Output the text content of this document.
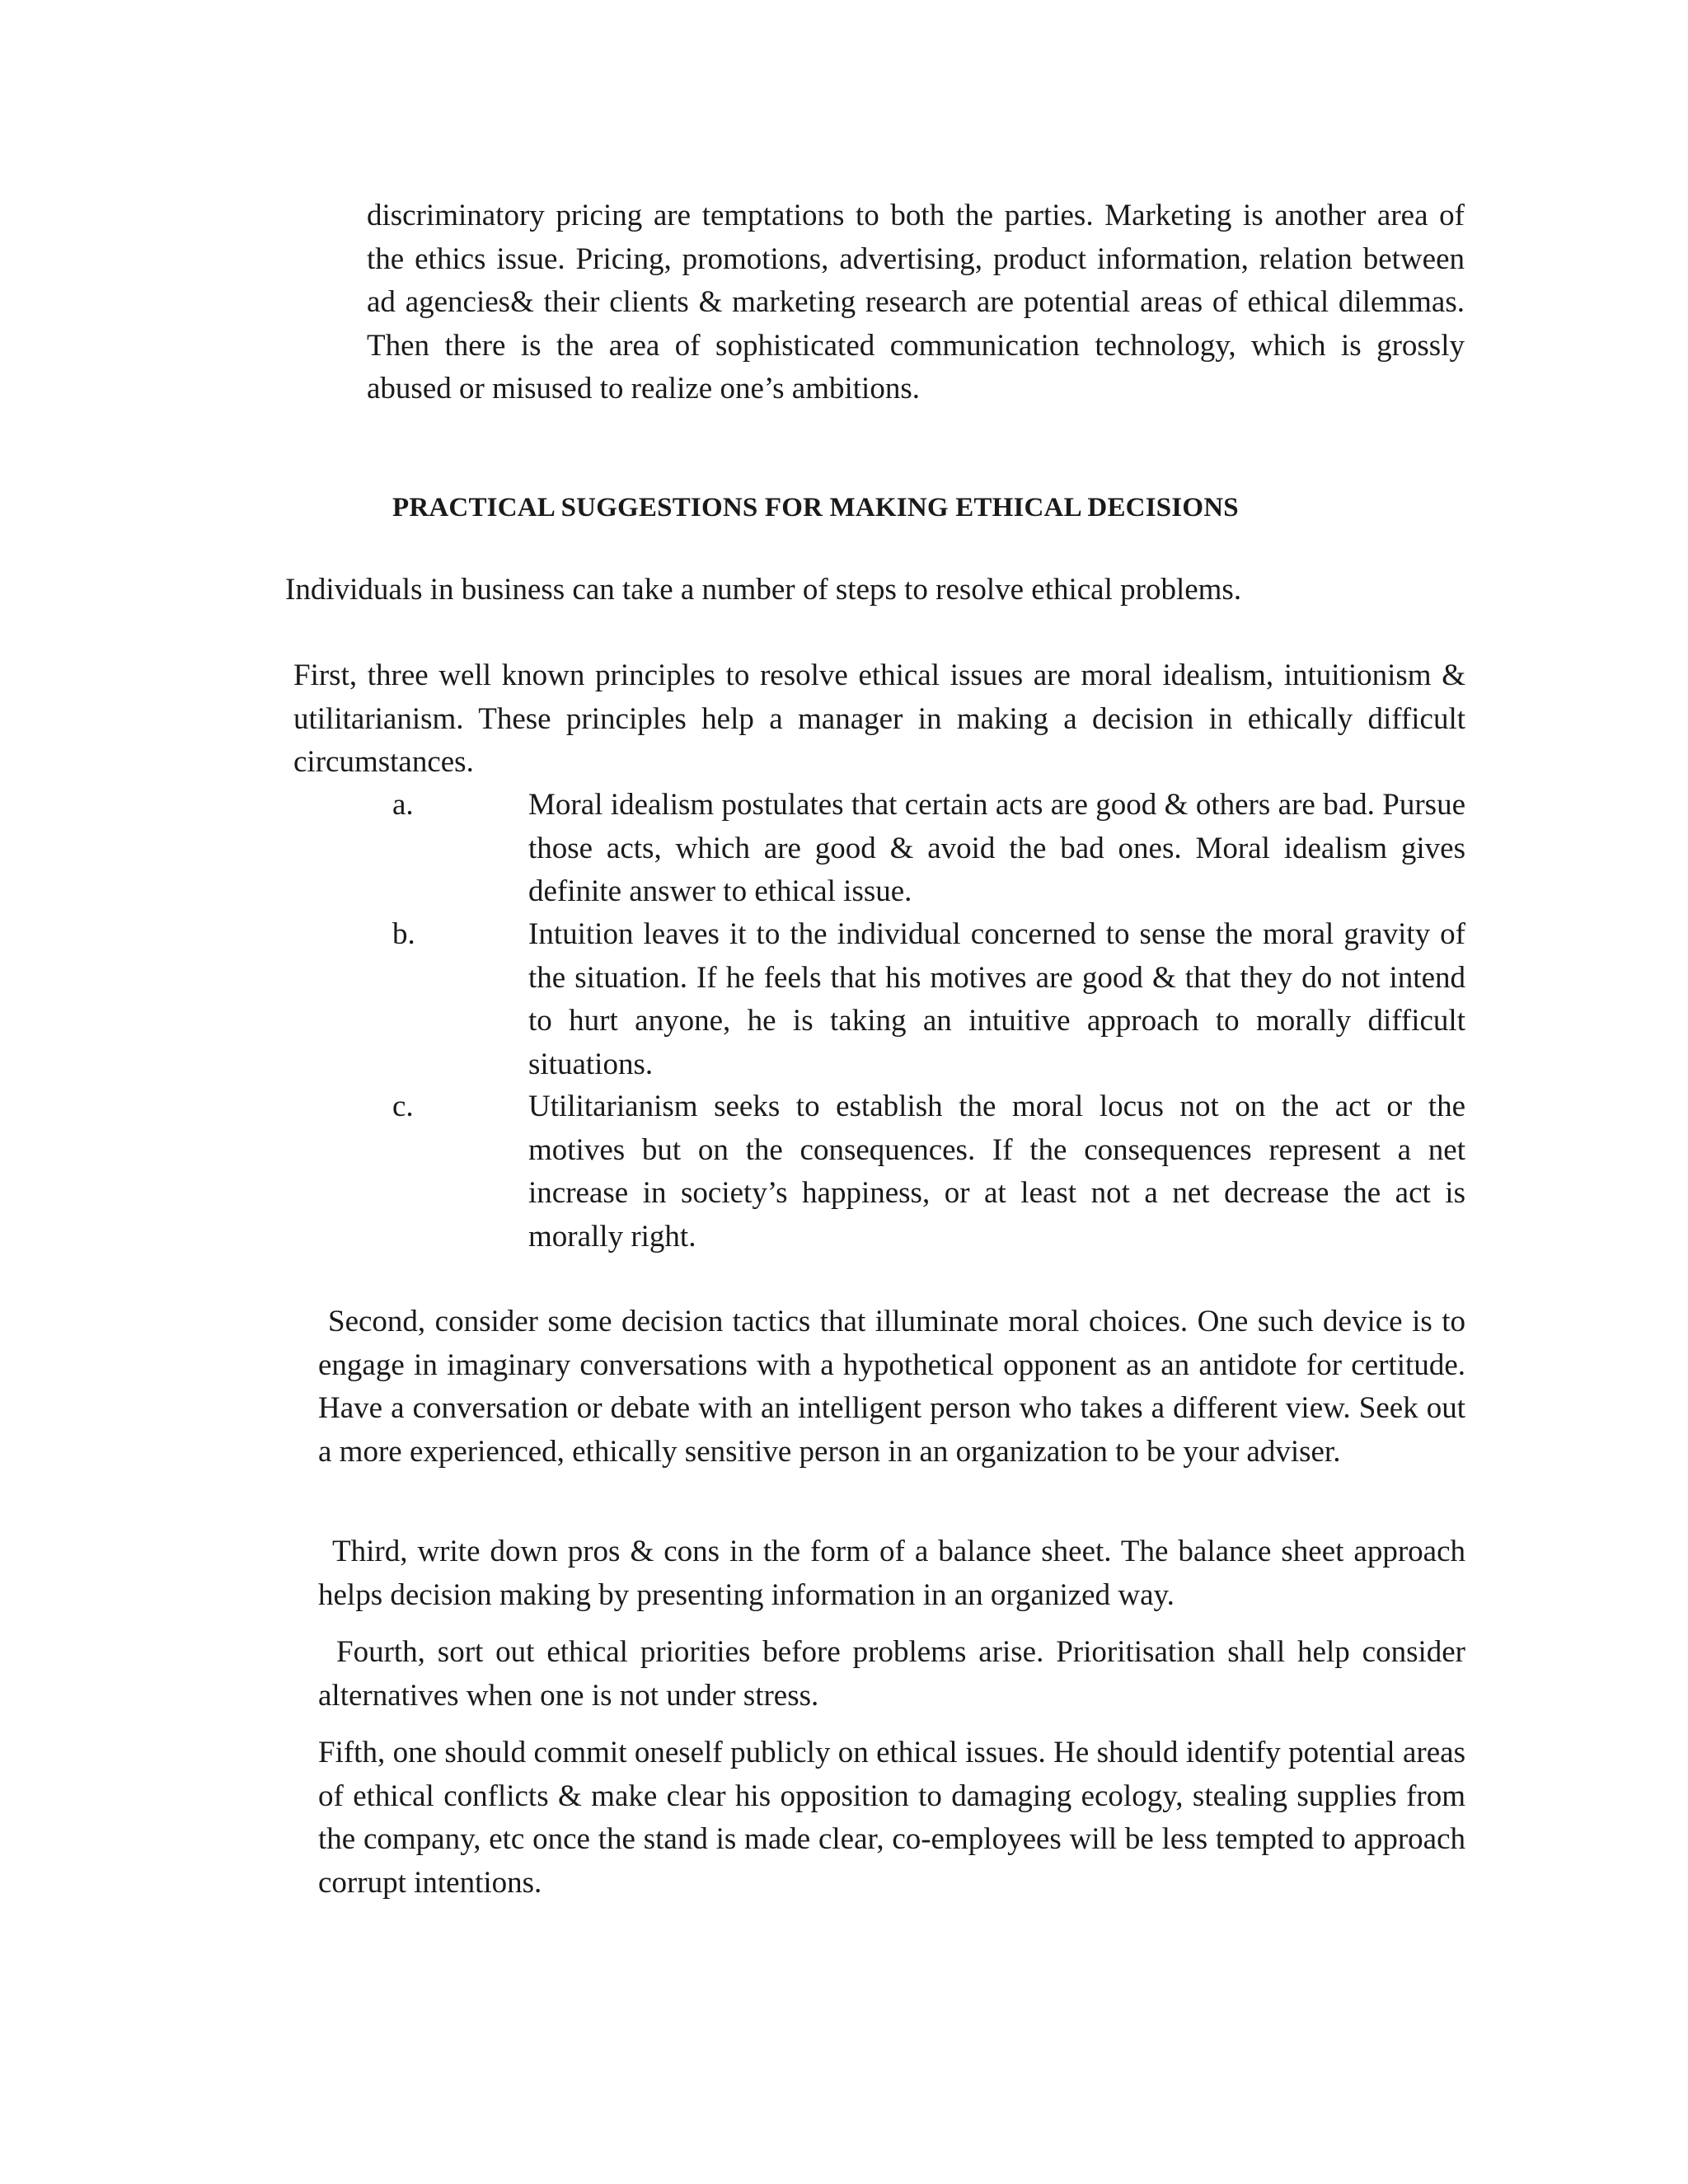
discriminatory pricing are temptations to both the parties. Marketing is another area of the ethics issue. Pricing, promotions, advertising, product information, relation between ad agencies& their clients & marketing research are potential areas of ethical dilemmas. Then there is the area of sophisticated communication technology, which is grossly abused or misused to realize one’s ambitions.

PRACTICAL SUGGESTIONS FOR MAKING ETHICAL DECISIONS

Individuals in business can take a number of steps to resolve ethical problems.

First, three well known principles to resolve ethical issues are moral idealism, intuitionism & utilitarianism. These principles help a manager in making a decision in ethically difficult circumstances.

a.	Moral idealism postulates that certain acts are good & others are bad. Pursue those acts, which are good & avoid the bad ones. Moral idealism gives definite answer to ethical issue.

b.	Intuition leaves it to the individual concerned to sense the moral gravity of the situation. If he feels that his motives are good & that they do not intend to hurt anyone, he is taking an intuitive approach to morally difficult situations.

c.	Utilitarianism seeks to establish the moral locus not on the act or the motives but on the consequences. If the consequences represent a net increase in society’s happiness, or at least not a net decrease the act is morally right.

Second, consider some decision tactics that illuminate moral choices. One such device is to engage in imaginary conversations with a hypothetical opponent as an antidote for certitude. Have a conversation or debate with an intelligent person who takes a different view. Seek out a more experienced, ethically sensitive person in an organization to be your adviser.

Third, write down pros & cons in the form of a balance sheet. The balance sheet approach helps decision making by presenting information in an organized way.

Fourth, sort out ethical priorities before problems arise. Prioritisation shall help consider alternatives when one is not under stress.

Fifth, one should commit oneself publicly on ethical issues. He should identify potential areas of ethical conflicts & make clear his opposition to damaging ecology, stealing supplies from the company, etc once the stand is made clear, co-employees will be less tempted to approach corrupt intentions.
